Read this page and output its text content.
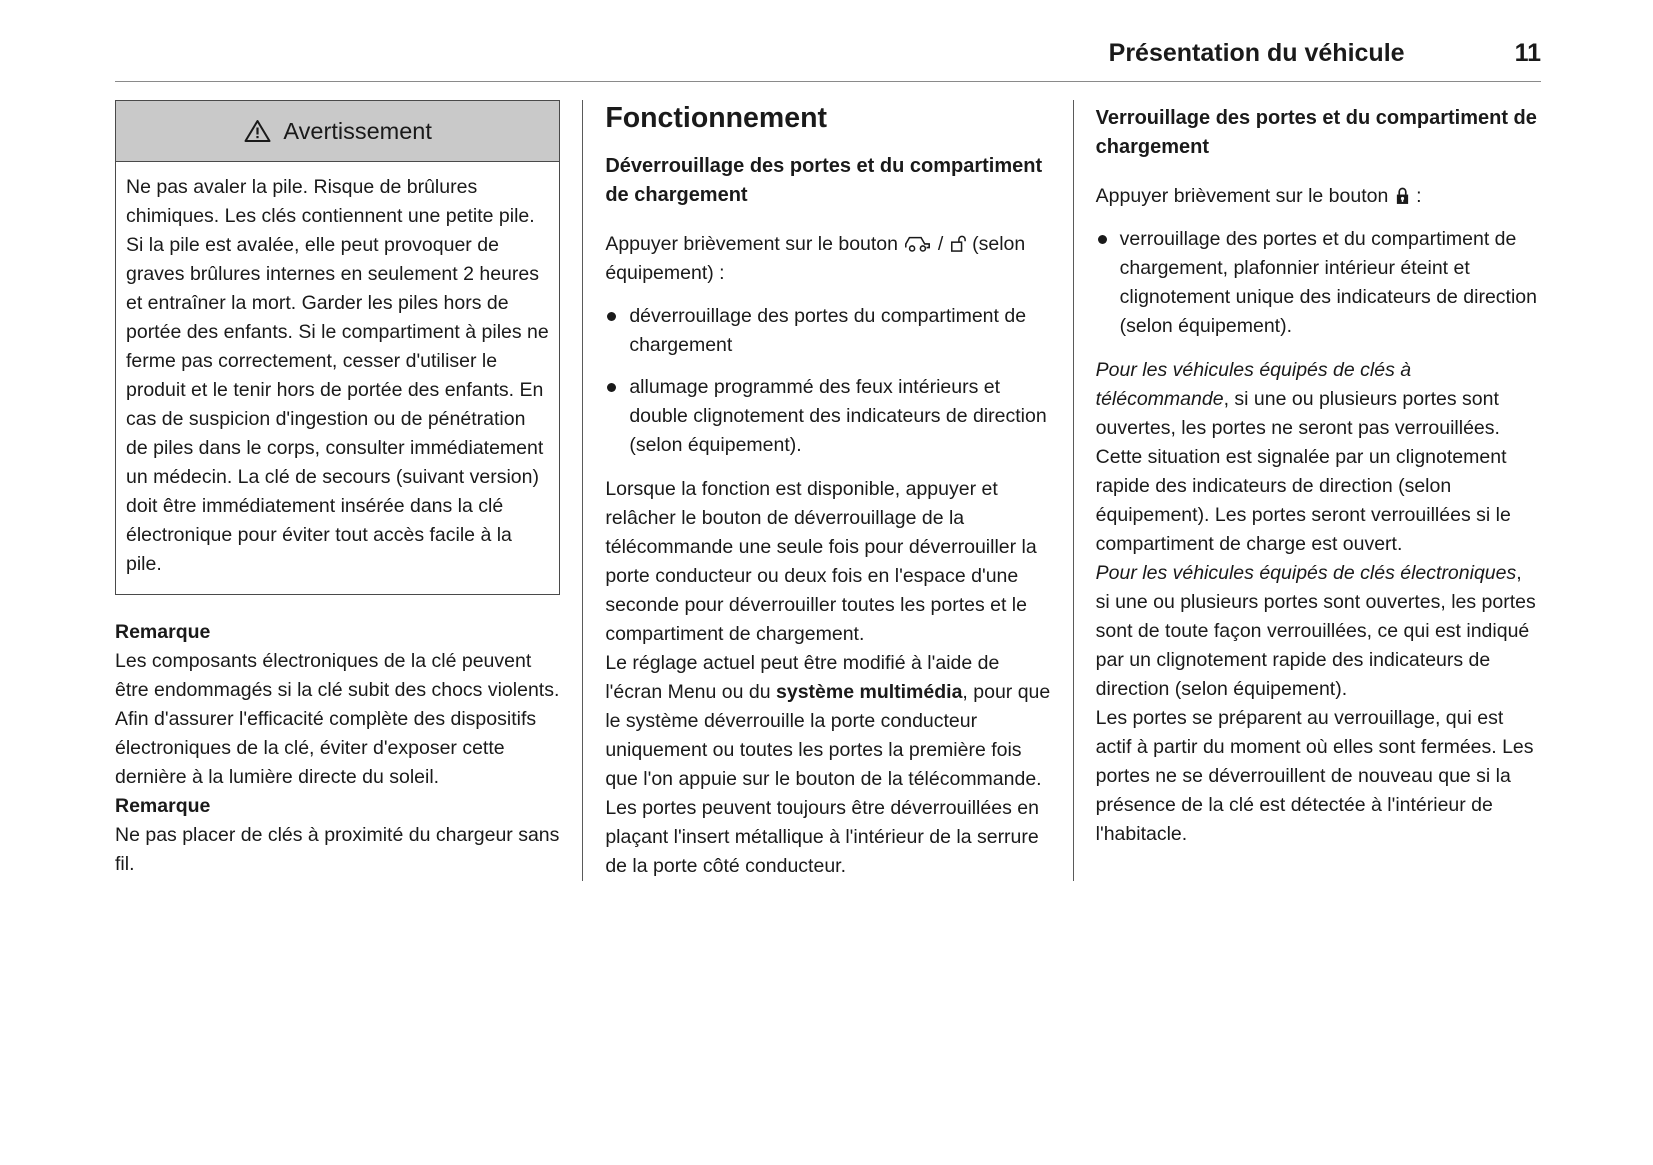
Présentation du véhicule	11
Avertissement

Ne pas avaler la pile. Risque de brûlures chimiques. Les clés contiennent une petite pile. Si la pile est avalée, elle peut provoquer de graves brûlures internes en seulement 2 heures et entraîner la mort. Garder les piles hors de portée des enfants. Si le compartiment à piles ne ferme pas correctement, cesser d'utiliser le produit et le tenir hors de portée des enfants. En cas de suspicion d'ingestion ou de pénétration de piles dans le corps, consulter immédiatement un médecin. La clé de secours (suivant version) doit être immédiatement insérée dans la clé électronique pour éviter tout accès facile à la pile.

Remarque

Les composants électroniques de la clé peuvent être endommagés si la clé subit des chocs violents. Afin d'assurer l'efficacité complète des dispositifs électroniques de la clé, éviter d'exposer cette dernière à la lumière directe du soleil.

Remarque

Ne pas placer de clés à proximité du chargeur sans fil.

Fonctionnement
Déverrouillage des portes et du compartiment de chargement

Appuyer brièvement sur le bouton / (selon équipement) :

déverrouillage des portes du compartiment de chargement
allumage programmé des feux intérieurs et double clignotement des indicateurs de direction (selon équipement).

Lorsque la fonction est disponible, appuyer et relâcher le bouton de déverrouillage de la télécommande une seule fois pour déverrouiller la porte conducteur ou deux fois en l'espace d'une seconde pour déverrouiller toutes les portes et le compartiment de chargement.

Le réglage actuel peut être modifié à l'aide de l'écran Menu ou du système multimédia, pour que le système déverrouille la porte conducteur uniquement ou toutes les portes la première fois que l'on appuie sur le bouton de la télécommande.

Les portes peuvent toujours être déverrouillées en plaçant l'insert métallique à l'intérieur de la serrure de la porte côté conducteur.

Verrouillage des portes et du compartiment de chargement

Appuyer brièvement sur le bouton :

verrouillage des portes et du compartiment de chargement, plafonnier intérieur éteint et clignotement unique des indicateurs de direction (selon équipement).

Pour les véhicules équipés de clés à télécommande, si une ou plusieurs portes sont ouvertes, les portes ne seront pas verrouillées.

Cette situation est signalée par un clignotement rapide des indicateurs de direction (selon équipement). Les portes seront verrouillées si le compartiment de charge est ouvert.

Pour les véhicules équipés de clés électroniques, si une ou plusieurs portes sont ouvertes, les portes sont de toute façon verrouillées, ce qui est indiqué par un clignotement rapide des indicateurs de direction (selon équipement).

Les portes se préparent au verrouillage, qui est actif à partir du moment où elles sont fermées. Les portes ne se déverrouillent de nouveau que si la présence de la clé est détectée à l'intérieur de l'habitacle.
